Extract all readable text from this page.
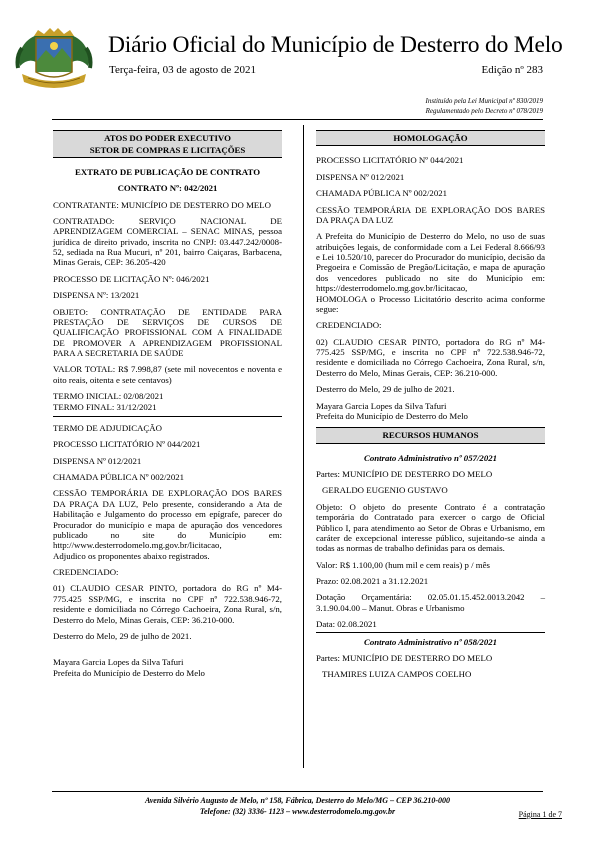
Diário Oficial do Município de Desterro do Melo
Terça-feira, 03 de agosto de 2021	Edição nº 283
Instituído pela Lei Municipal nº 830/2019
Regulamentado pelo Decreto nº 078/2019
ATOS DO PODER EXECUTIVO
SETOR DE COMPRAS E LICITAÇÕES
EXTRATO DE PUBLICAÇÃO DE CONTRATO
CONTRATO Nº: 042/2021
CONTRATANTE: MUNICÍPIO DE DESTERRO DO MELO
CONTRATADO: SERVIÇO NACIONAL DE APRENDIZAGEM COMERCIAL – SENAC MINAS, pessoa jurídica de direito privado, inscrita no CNPJ: 03.447.242/0008-52, sediada na Rua Mucuri, nº 201, bairro Caiçaras, Barbacena, Minas Gerais, CEP: 36.205-420
PROCESSO DE LICITAÇÃO Nº: 046/2021
DISPENSA Nº: 13/2021
OBJETO: CONTRATAÇÃO DE ENTIDADE PARA PRESTAÇÃO DE SERVIÇOS DE CURSOS DE QUALIFICAÇÃO PROFISSIONAL COM A FINALIDADE DE PROMOVER A APRENDIZAGEM PROFISSIONAL PARA A SECRETARIA DE SAÚDE
VALOR TOTAL: R$ 7.998,87 (sete mil novecentos e noventa e oito reais, oitenta e sete centavos)
TERMO INICIAL: 02/08/2021
TERMO FINAL: 31/12/2021
TERMO DE ADJUDICAÇÃO
PROCESSO LICITATÓRIO Nº 044/2021
DISPENSA Nº 012/2021
CHAMADA PÚBLICA Nº 002/2021
CESSÃO TEMPORÁRIA DE EXPLORAÇÃO DOS BARES DA PRAÇA DA LUZ, Pelo presente, considerando a Ata de Habilitação e Julgamento do processo em epígrafe, parecer do Procurador do município e mapa de apuração dos vencedores publicado no site do Município em: http://www.desterrodomelo.mg.gov.br/licitacao,
Adjudico os proponentes abaixo registrados.
CREDENCIADO:
01) CLAUDIO CESAR PINTO, portadora do RG nº M4-775.425 SSP/MG, e inscrita no CPF nº 722.538.946-72, residente e domiciliada no Córrego Cachoeira, Zona Rural, s/n, Desterro do Melo, Minas Gerais, CEP: 36.210-000.
Desterro do Melo, 29 de julho de 2021.
Mayara Garcia Lopes da Silva Tafuri
Prefeita do Município de Desterro do Melo
HOMOLOGAÇÃO
PROCESSO LICITATÓRIO Nº 044/2021
DISPENSA Nº 012/2021
CHAMADA PÚBLICA Nº 002/2021
CESSÃO TEMPORÁRIA DE EXPLORAÇÃO DOS BARES DA PRAÇA DA LUZ
A Prefeita do Município de Desterro do Melo, no uso de suas atribuições legais, de conformidade com a Lei Federal 8.666/93 e Lei 10.520/10, parecer do Procurador do município, decisão da Pregoeira e Comissão de Pregão/Licitação, e mapa de apuração dos vencedores publicado no site do Município em: https://desterrodomelo.mg.gov.br/licitacao,
HOMOLOGA o Processo Licitatório descrito acima conforme segue:
CREDENCIADO:
02) CLAUDIO CESAR PINTO, portadora do RG nº M4-775.425 SSP/MG, e inscrita no CPF nº 722.538.946-72, residente e domiciliada no Córrego Cachoeira, Zona Rural, s/n, Desterro do Melo, Minas Gerais, CEP: 36.210-000.
Desterro do Melo, 29 de julho de 2021.
Mayara Garcia Lopes da Silva Tafuri
Prefeita do Município de Desterro do Melo
RECURSOS HUMANOS
Contrato Administrativo nº 057/2021
Partes: MUNICÍPIO DE DESTERRO DO MELO
GERALDO EUGENIO GUSTAVO
Objeto: O objeto do presente Contrato é a contratação temporária do Contratado para exercer o cargo de Oficial Público I, para atendimento ao Setor de Obras e Urbanismo, em caráter de excepcional interesse público, sujeitando-se ainda a todas as normas de trabalho definidas para os demais.
Valor: R$ 1.100,00 (hum mil e cem reais) p / mês
Prazo: 02.08.2021 a 31.12.2021
Dotação Orçamentária: 02.05.01.15.452.0013.2042 – 3.1.90.04.00 – Manut. Obras e Urbanismo
Data: 02.08.2021
Contrato Administrativo nº 058/2021
Partes: MUNICÍPIO DE DESTERRO DO MELO
THAMIRES LUIZA CAMPOS COELHO
Avenida Silvério Augusto de Melo, nº 158, Fábrica, Desterro do Melo/MG – CEP 36.210-000
Telefone: (32) 3336- 1123 – www.desterrodomelo.mg.gov.br	Página 1 de 7
